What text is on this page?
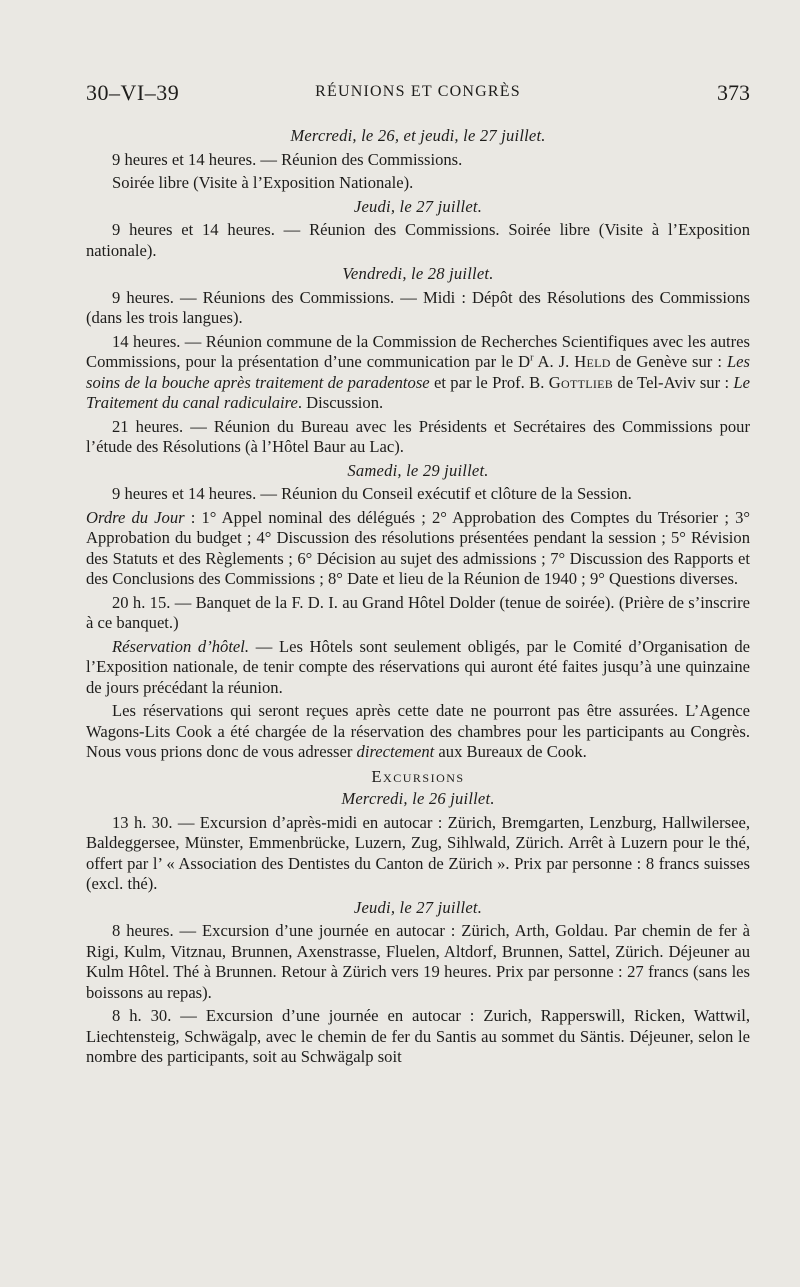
30–VI–39	RÉUNIONS ET CONGRÈS	373
Mercredi, le 26, et jeudi, le 27 juillet.

9 heures et 14 heures. — Réunion des Commissions.

Soirée libre (Visite à l’Exposition Nationale).

Jeudi, le 27 juillet.

9 heures et 14 heures. — Réunion des Commissions. Soirée libre (Visite à l’Exposition nationale).

Vendredi, le 28 juillet.

9 heures. — Réunions des Commissions. — Midi : Dépôt des Résolutions des Commissions (dans les trois langues).

14 heures. — Réunion commune de la Commission de Recherches Scientifiques avec les autres Commissions, pour la présentation d’une communication par le $D^r$ A. J. Held de Genève sur : Les soins de la bouche après traitement de paradentose et par le Prof. B. Gottlieb de Tel-Aviv sur : Le Traitement du canal radiculaire. Discussion.

21 heures. — Réunion du Bureau avec les Présidents et Secrétaires des Commissions pour l’étude des Résolutions (à l’Hôtel Baur au Lac).

Samedi, le 29 juillet.

9 heures et 14 heures. — Réunion du Conseil exécutif et clôture de la Session.

Ordre du Jour : 1° Appel nominal des délégués ; 2° Approbation des Comptes du Trésorier ; 3° Approbation du budget ; 4° Discussion des résolutions présentées pendant la session ; 5° Révision des Statuts et des Règlements ; 6° Décision au sujet des admissions ; 7° Discussion des Rapports et des Conclusions des Commissions ; 8° Date et lieu de la Réunion de 1940 ; 9° Questions diverses.

20 h. 15. — Banquet de la F. D. I. au Grand Hôtel Dolder (tenue de soirée). (Prière de s’inscrire à ce banquet.)

Réservation d’hôtel. — Les Hôtels sont seulement obligés, par le Comité d’Organisation de l’Exposition nationale, de tenir compte des réservations qui auront été faites jusqu’à une quinzaine de jours précédant la réunion.

Les réservations qui seront reçues après cette date ne pourront pas être assurées. L’Agence Wagons-Lits Cook a été chargée de la réservation des chambres pour les participants au Congrès. Nous vous prions donc de vous adresser directement aux Bureaux de Cook.

Excursions
Mercredi, le 26 juillet.

13 h. 30. — Excursion d’après-midi en autocar : Zürich, Bremgarten, Lenzburg, Hallwilersee, Baldeggersee, Münster, Emmenbrücke, Luzern, Zug, Sihlwald, Zürich. Arrêt à Luzern pour le thé, offert par l’ « Association des Dentistes du Canton de Zürich ». Prix par personne : 8 francs suisses (excl. thé).

Jeudi, le 27 juillet.

8 heures. — Excursion d’une journée en autocar : Zürich, Arth, Goldau. Par chemin de fer à Rigi, Kulm, Vitznau, Brunnen, Axenstrasse, Fluelen, Altdorf, Brunnen, Sattel, Zürich. Déjeuner au Kulm Hôtel. Thé à Brunnen. Retour à Zürich vers 19 heures. Prix par personne : 27 francs (sans les boissons au repas).

8 h. 30. — Excursion d’une journée en autocar : Zurich, Rapperswill, Ricken, Wattwil, Liechtensteig, Schwägalp, avec le chemin de fer du Santis au sommet du Säntis. Déjeuner, selon le nombre des participants, soit au Schwägalp soit
